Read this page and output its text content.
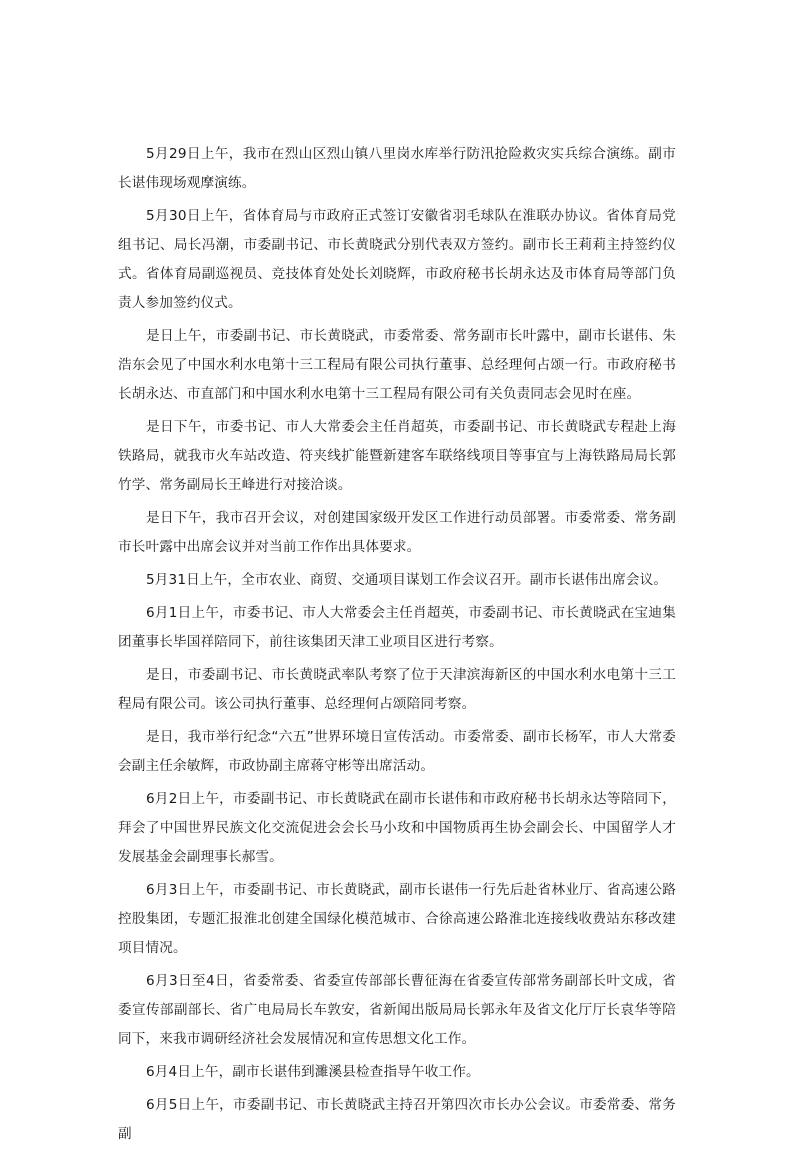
5月29日上午，我市在烈山区烈山镇八里岗水库举行防汛抢险救灾实兵综合演练。副市长谌伟现场观摩演练。

5月30日上午，省体育局与市政府正式签订安徽省羽毛球队在淮联办协议。省体育局党组书记、局长冯潮，市委副书记、市长黄晓武分别代表双方签约。副市长王莉莉主持签约仪式。省体育局副巡视员、竞技体育处处长刘晓辉，市政府秘书长胡永达及市体育局等部门负责人参加签约仪式。

是日上午，市委副书记、市长黄晓武，市委常委、常务副市长叶露中，副市长谌伟、朱浩东会见了中国水利水电第十三工程局有限公司执行董事、总经理何占颂一行。市政府秘书长胡永达、市直部门和中国水利水电第十三工程局有限公司有关负责同志会见时在座。

是日下午，市委书记、市人大常委会主任肖超英，市委副书记、市长黄晓武专程赴上海铁路局，就我市火车站改造、符夹线扩能暨新建客车联络线项目等事宜与上海铁路局局长郭竹学、常务副局长王峰进行对接洽谈。

是日下午，我市召开会议，对创建国家级开发区工作进行动员部署。市委常委、常务副市长叶露中出席会议并对当前工作作出具体要求。

5月31日上午，全市农业、商贸、交通项目谋划工作会议召开。副市长谌伟出席会议。

6月1日上午，市委书记、市人大常委会主任肖超英，市委副书记、市长黄晓武在宝迪集团董事长毕国祥陪同下，前往该集团天津工业项目区进行考察。

是日，市委副书记、市长黄晓武率队考察了位于天津滨海新区的中国水利水电第十三工程局有限公司。该公司执行董事、总经理何占颂陪同考察。

是日，我市举行纪念“六五”世界环境日宣传活动。市委常委、副市长杨军，市人大常委会副主任余敏辉，市政协副主席蒋守彬等出席活动。

6月2日上午，市委副书记、市长黄晓武在副市长谌伟和市政府秘书长胡永达等陪同下，拜会了中国世界民族文化交流促进会会长马小玫和中国物质再生协会副会长、中国留学人才发展基金会副理事长郝雪。

6月3日上午，市委副书记、市长黄晓武，副市长谌伟一行先后赴省林业厅、省高速公路控股集团，专题汇报淮北创建全国绿化模范城市、合徐高速公路淮北连接线收费站东移改建项目情况。

6月3日至4日，省委常委、省委宣传部部长曹征海在省委宣传部常务副部长叶文成，省委宣传部副部长、省广电局局长车敦安，省新闻出版局局长郭永年及省文化厅厅长袁华等陪同下，来我市调研经济社会发展情况和宣传思想文化工作。

6月4日上午，副市长谌伟到濉溪县检查指导午收工作。

6月5日上午，市委副书记、市长黄晓武主持召开第四次市长办公会议。市委常委、常务副
